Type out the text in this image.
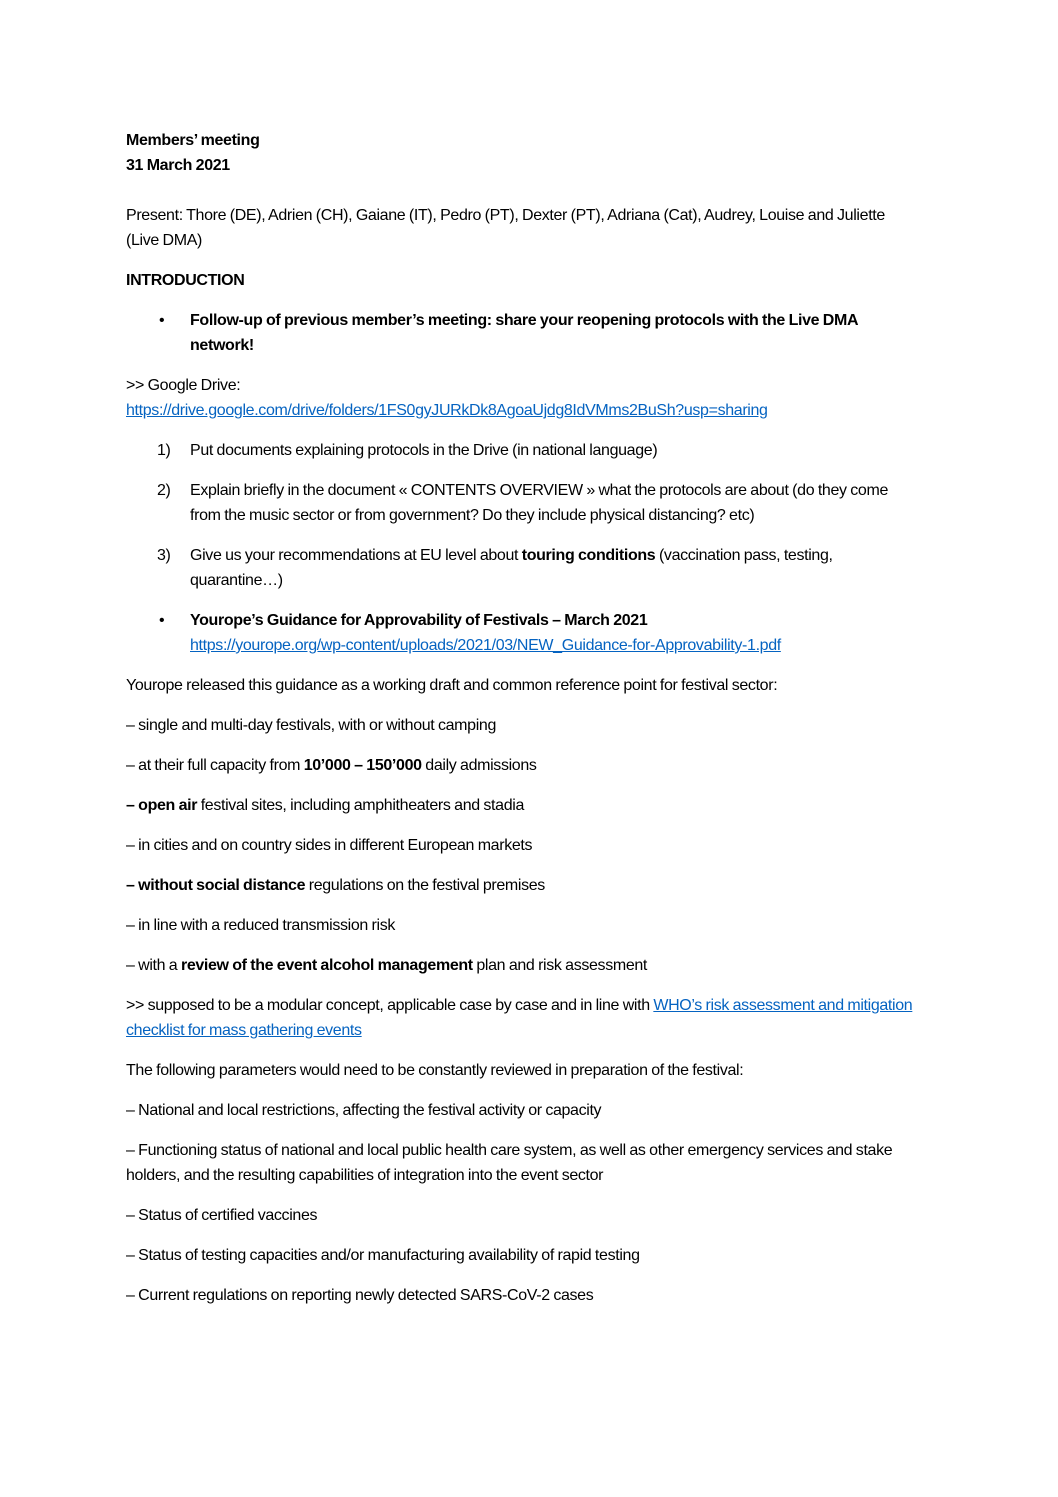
Members’ meeting

31 March 2021

Present: Thore (DE), Adrien (CH), Gaiane (IT), Pedro (PT), Dexter (PT), Adriana (Cat), Audrey, Louise and Juliette (Live DMA)

INTRODUCTION

• Follow-up of previous member’s meeting: share your reopening protocols with the Live DMA network!

>> Google Drive:

https://drive.google.com/drive/folders/1FS0gyJURkDk8AgoaUjdg8IdVMms2BuSh?usp=sharing

1) Put documents explaining protocols in the Drive (in national language)
2) Explain briefly in the document « CONTENTS OVERVIEW » what the protocols are about (do they come from the music sector or from government? Do they include physical distancing? etc)
3) Give us your recommendations at EU level about touring conditions (vaccination pass, testing, quarantine…)
• Yourope’s Guidance for Approvability of Festivals – March 2021
https://yourope.org/wp-content/uploads/2021/03/NEW_Guidance-for-Approvability-1.pdf

Yourope released this guidance as a working draft and common reference point for festival sector:

– single and multi-day festivals, with or without camping

– at their full capacity from 10’000 – 150’000 daily admissions

– open air festival sites, including amphitheaters and stadia

– in cities and on country sides in different European markets

– without social distance regulations on the festival premises

– in line with a reduced transmission risk

– with a review of the event alcohol management plan and risk assessment

>> supposed to be a modular concept, applicable case by case and in line with WHO’s risk assessment and mitigation checklist for mass gathering events

The following parameters would need to be constantly reviewed in preparation of the festival:

– National and local restrictions, affecting the festival activity or capacity

– Functioning status of national and local public health care system, as well as other emergency services and stake holders, and the resulting capabilities of integration into the event sector

– Status of certified vaccines

– Status of testing capacities and/or manufacturing availability of rapid testing

– Current regulations on reporting newly detected SARS-CoV-2 cases
